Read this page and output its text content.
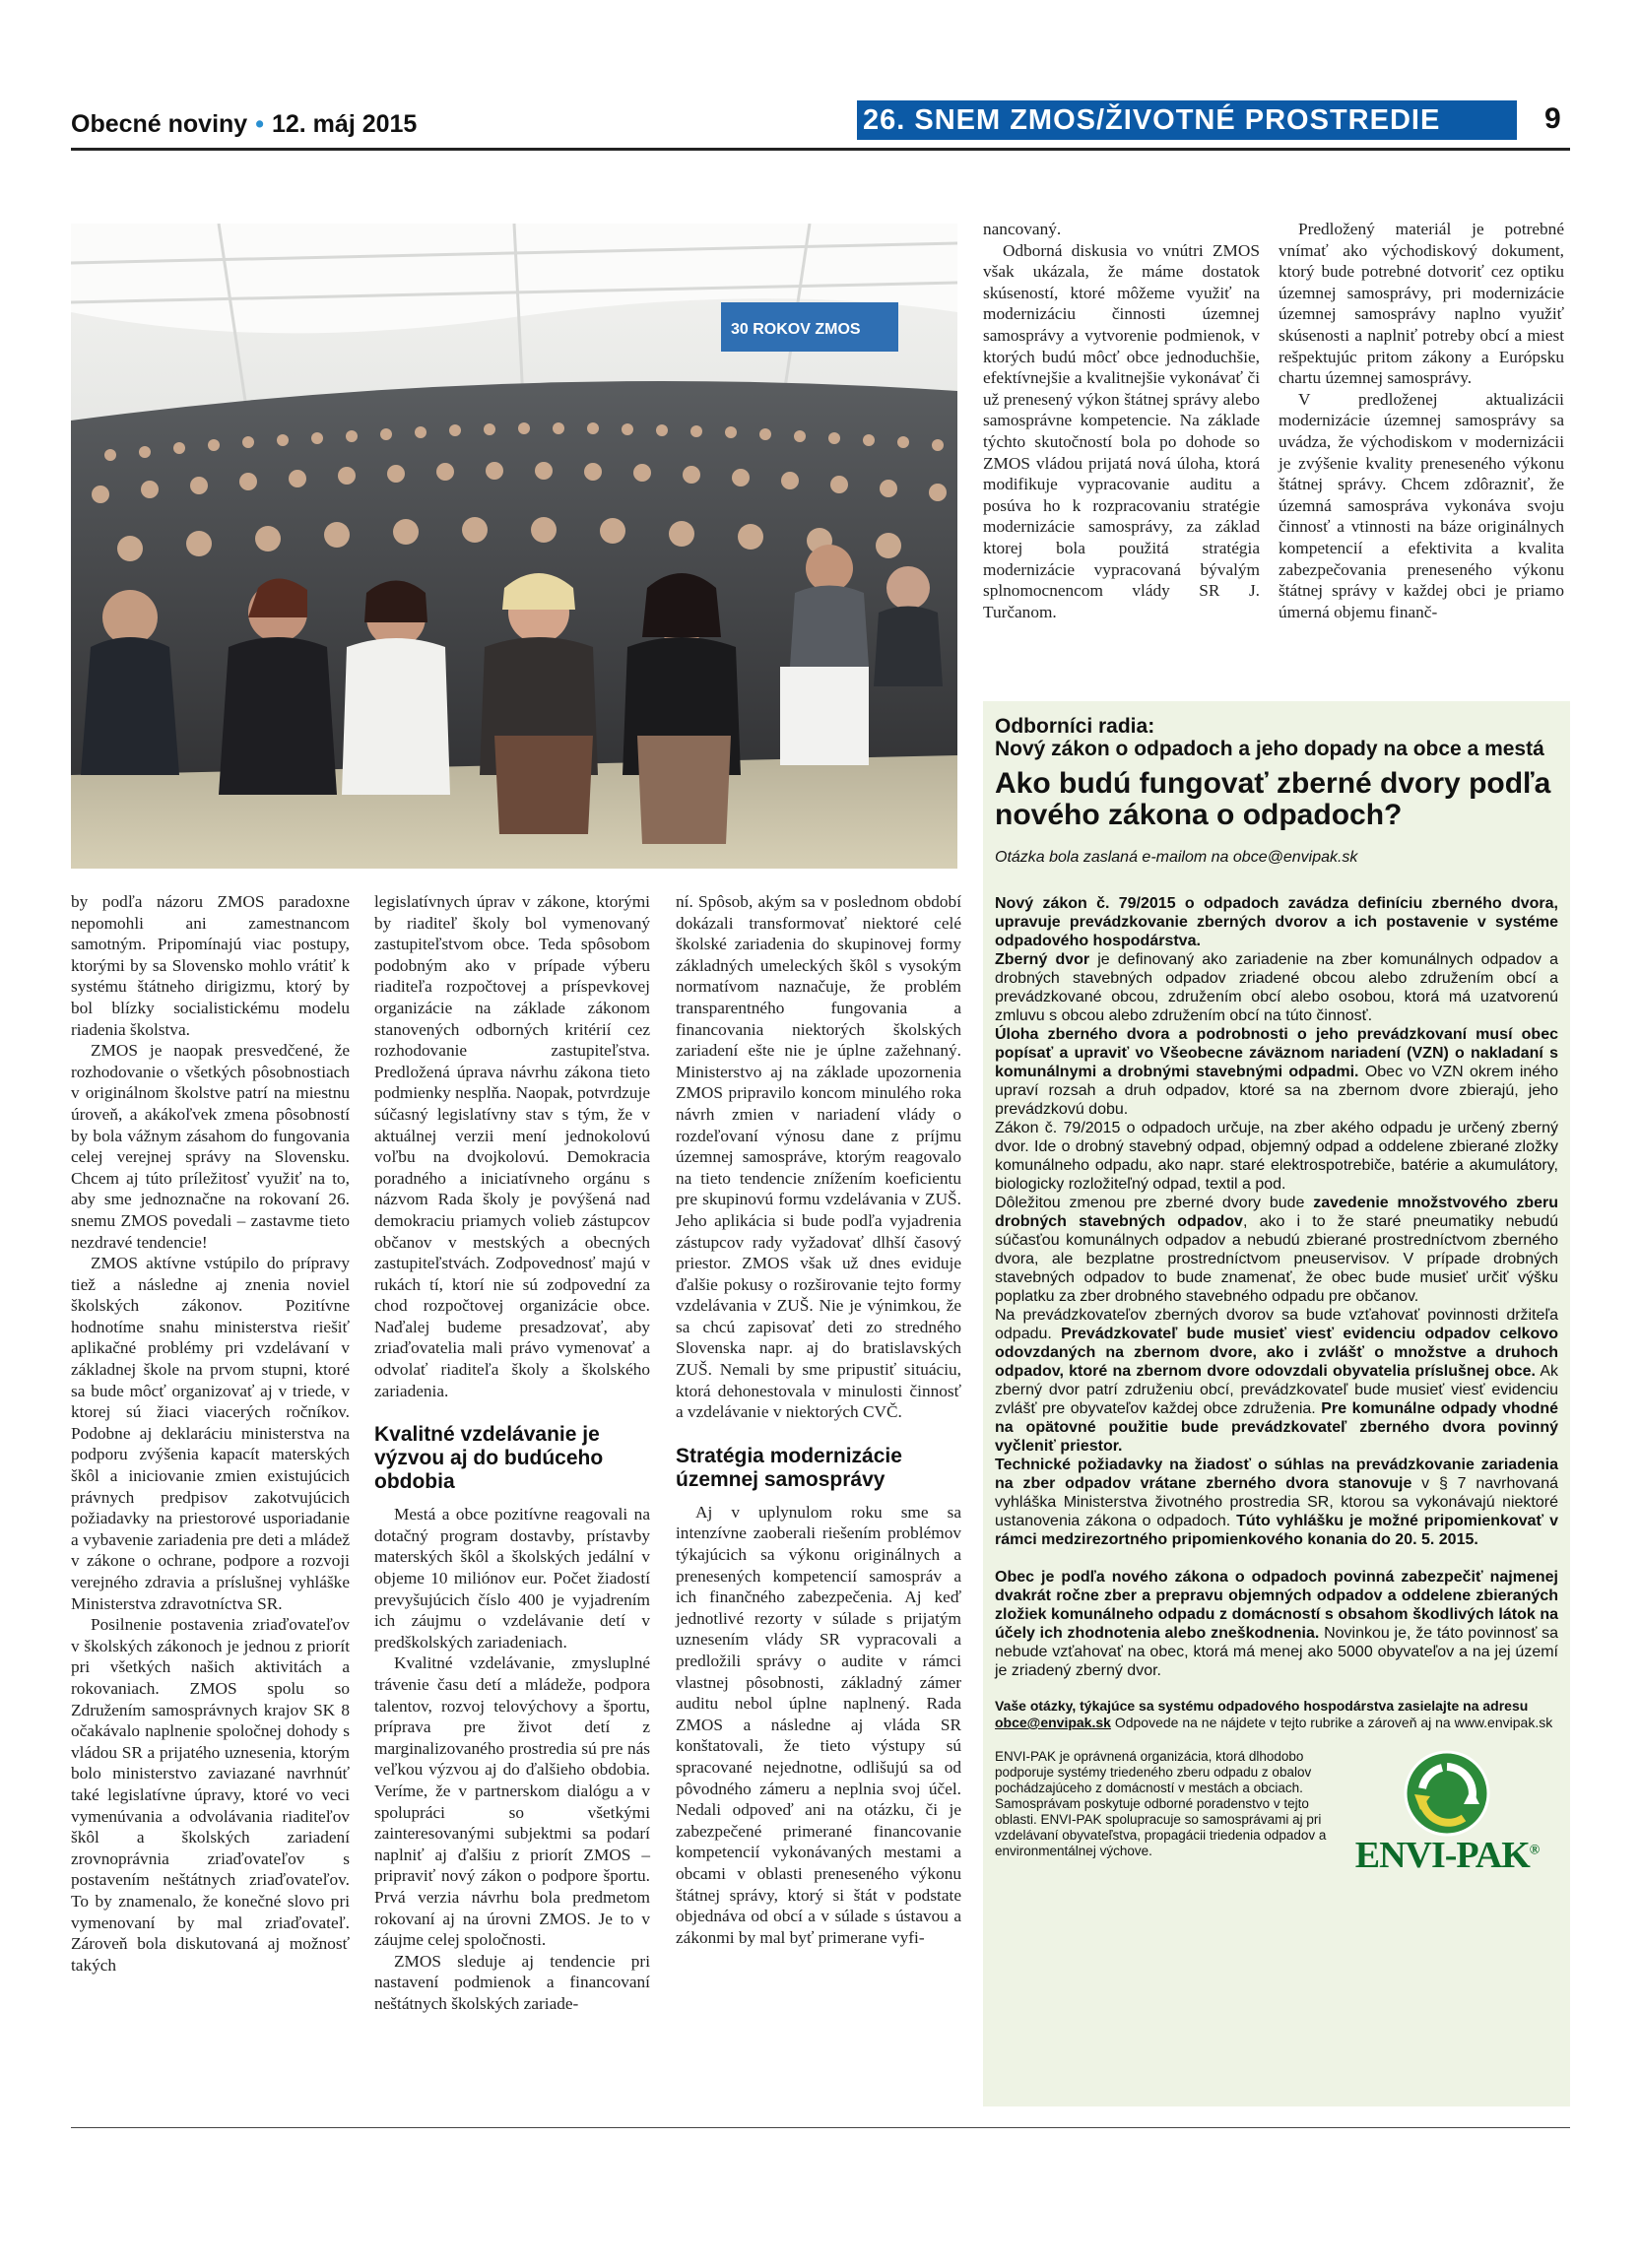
Obecné noviny • 12. máj 2015	26. SNEM ZMOS/ŽIVOTNÉ PROSTREDIE	9
30 ROKOV ZMOS

nancovaný.

Odborná diskusia vo vnútri ZMOS však ukázala, že máme dostatok skúseností, ktoré môžeme využiť na modernizáciu činnosti územnej samosprávy a vytvorenie podmienok, v ktorých budú môcť obce jednoduchšie, efektívnejšie a kvalitnejšie vykonávať či už prenesený výkon štátnej správy alebo samosprávne kompetencie. Na základe týchto skutočností bola po dohode so ZMOS vládou prijatá nová úloha, ktorá modifikuje vypracovanie auditu a posúva ho k rozpracovaniu stratégie modernizácie samosprávy, za základ ktorej bola použitá stratégia modernizácie vypracovaná bývalým splnomocnencom vlády SR J. Turčanom.

Predložený materiál je potrebné vnímať ako východiskový dokument, ktorý bude potrebné dotvoriť cez optiku územnej samosprávy, pri modernizácie územnej samosprávy naplno využiť skúsenosti a naplniť potreby obcí a miest rešpektujúc pritom zákony a Európsku chartu územnej samosprávy.

V predloženej aktualizácii modernizácie územnej samosprávy sa uvádza, že východiskom v modernizácii je zvýšenie kvality preneseného výkonu štátnej správy. Chcem zdôrazniť, že územná samospráva vykonáva svoju činnosť a vtinnosti na báze originálnych kompetencií a efektivita a kvalita zabezpečovania preneseného výkonu štátnej správy v každej obci je priamo úmerná objemu finanč-

by podľa názoru ZMOS paradoxne nepomohli ani zamestnancom samotným. Pripomínajú viac postupy, ktorými by sa Slovensko mohlo vrátiť k systému štátneho dirigizmu, ktorý by bol blízky socialistickému modelu riadenia školstva.

ZMOS je naopak presvedčené, že rozhodovanie o všetkých pôsobnostiach v originálnom školstve patrí na miestnu úroveň, a akákoľvek zmena pôsobností by bola vážnym zásahom do fungovania celej verejnej správy na Slovensku. Chcem aj túto príležitosť využiť na to, aby sme jednoznačne na rokovaní 26. snemu ZMOS povedali – zastavme tieto nezdravé tendencie!

ZMOS aktívne vstúpilo do prípravy tiež a následne aj znenia noviel školských zákonov. Pozitívne hodnotíme snahu ministerstva riešiť aplikačné problémy pri vzdelávaní v základnej škole na prvom stupni, ktoré sa bude môcť organizovať aj v triede, v ktorej sú žiaci viacerých ročníkov. Podobne aj deklaráciu ministerstva na podporu zvýšenia kapacít materských škôl a iniciovanie zmien existujúcich právnych predpisov zakotvujúcich požiadavky na priestorové usporiadanie a vybavenie zariadenia pre deti a mládež v zákone o ochrane, podpore a rozvoji verejného zdravia a príslušnej vyhláške Ministerstva zdravotníctva SR.

Posilnenie postavenia zriaďovateľov v školských zákonoch je jednou z priorít pri všetkých našich aktivitách a rokovaniach. ZMOS spolu so Združením samosprávnych krajov SK 8 očakávalo naplnenie spoločnej dohody s vládou SR a prijatého uznesenia, ktorým bolo ministerstvo zaviazané navrhnúť také legislatívne úpravy, ktoré vo veci vymenúvania a odvolávania riaditeľov škôl a školských zariadení zrovnoprávnia zriaďovateľov s postavením neštátnych zriaďovateľov. To by znamenalo, že konečné slovo pri vymenovaní by mal zriaďovateľ. Zároveň bola diskutovaná aj možnosť takých

legislatívnych úprav v zákone, ktorými by riaditeľ školy bol vymenovaný zastupiteľstvom obce. Teda spôsobom podobným ako v prípade výberu riaditeľa rozpočtovej a príspevkovej organizácie na základe zákonom stanovených odborných kritérií cez rozhodovanie zastupiteľstva. Predložená úprava návrhu zákona tieto podmienky nesplňa. Naopak, potvrdzuje súčasný legislatívny stav s tým, že v aktuálnej verzii mení jednokolovú voľbu na dvojkolovú. Demokracia poradného a iniciatívneho orgánu s názvom Rada školy je povýšená nad demokraciu priamych volieb zástupcov občanov v mestských a obecných zastupiteľstvách. Zodpovednosť majú v rukách tí, ktorí nie sú zodpovední za chod rozpočtovej organizácie obce. Naďalej budeme presadzovať, aby zriaďovatelia mali právo vymenovať a odvolať riaditeľa školy a školského zariadenia.

Kvalitné vzdelávanie je výzvou aj do budúceho obdobia

Mestá a obce pozitívne reagovali na dotačný program dostavby, prístavby materských škôl a školských jedální v objeme 10 miliónov eur. Počet žiadostí prevyšujúcich číslo 400 je vyjadrením ich záujmu o vzdelávanie detí v predškolských zariadeniach.

Kvalitné vzdelávanie, zmysluplné trávenie času detí a mládeže, podpora talentov, rozvoj telovýchovy a športu, príprava pre život detí z marginalizovaného prostredia sú pre nás veľkou výzvou aj do ďalšieho obdobia. Veríme, že v partnerskom dialógu a v spolupráci so všetkými zainteresovanými subjektmi sa podarí naplniť aj ďalšiu z priorít ZMOS – pripraviť nový zákon o podpore športu. Prvá verzia návrhu bola predmetom rokovaní aj na úrovni ZMOS. Je to v záujme celej spoločnosti.

ZMOS sleduje aj tendencie pri nastavení podmienok a financovaní neštátnych školských zariade-

ní. Spôsob, akým sa v poslednom období dokázali transformovať niektoré celé školské zariadenia do skupinovej formy základných umeleckých škôl s vysokým normatívom naznačuje, že problém transparentného fungovania a financovania niektorých školských zariadení ešte nie je úplne zažehnaný. Ministerstvo aj na základe upozornenia ZMOS pripravilo koncom minulého roka návrh zmien v nariadení vlády o rozdeľovaní výnosu dane z príjmu územnej samospráve, ktorým reagovalo na tieto tendencie znížením koeficientu pre skupinovú formu vzdelávania v ZUŠ. Jeho aplikácia si bude podľa vyjadrenia zástupcov rady vyžadovať dlhší časový priestor. ZMOS však už dnes eviduje ďalšie pokusy o rozširovanie tejto formy vzdelávania v ZUŠ. Nie je výnimkou, že sa chcú zapisovať deti zo stredného Slovenska napr. aj do bratislavských ZUŠ. Nemali by sme pripustiť situáciu, ktorá dehonestovala v minulosti činnosť a vzdelávanie v niektorých CVČ.

Stratégia modernizácie územnej samosprávy

Aj v uplynulom roku sme sa intenzívne zaoberali riešením problémov týkajúcich sa výkonu originálnych a prenesených kompetencií samospráv a ich finančného zabezpečenia. Aj keď jednotlivé rezorty v súlade s prijatým uznesením vlády SR vypracovali a predložili správy o audite v rámci vlastnej pôsobnosti, základný zámer auditu nebol úplne naplnený. Rada ZMOS a následne aj vláda SR konštatovali, že tieto výstupy sú spracované nejednotne, odlišujú sa od pôvodného zámeru a neplnia svoj účel. Nedali odpoveď ani na otázku, či je zabezpečené primerané financovanie kompetencií vykonávaných mestami a obcami v oblasti preneseného výkonu štátnej správy, ktorý si štát v podstate objednáva od obcí a v súlade s ústavou a zákonmi by mal byť primerane vyfi-

Odborníci radia:
Nový zákon o odpadoch a jeho dopady na obce a mestá
Ako budú fungovať zberné dvory podľa nového zákona o odpadoch?
Otázka bola zaslaná e-mailom na obce@envipak.sk

Nový zákon č. 79/2015 o odpadoch zavádza definíciu zberného dvora, upravuje prevádzkovanie zberných dvorov a ich postavenie v systéme odpadového hospodárstva.

Zberný dvor je definovaný ako zariadenie na zber komunálnych odpadov a drobných stavebných odpadov zriadené obcou alebo združením obcí a prevádzkované obcou, združením obcí alebo osobou, ktorá má uzatvorenú zmluvu s obcou alebo združením obcí na túto činnosť.

Úloha zberného dvora a podrobnosti o jeho prevádzkovaní musí obec popísať a upraviť vo Všeobecne záväznom nariadení (VZN) o nakladaní s komunálnymi a drobnými stavebnými odpadmi. Obec vo VZN okrem iného upraví rozsah a druh odpadov, ktoré sa na zbernom dvore zbierajú, jeho prevádzkovú dobu.

Zákon č. 79/2015 o odpadoch určuje, na zber akého odpadu je určený zberný dvor. Ide o drobný stavebný odpad, objemný odpad a oddelene zbierané zložky komunálneho odpadu, ako napr. staré elektrospotrebiče, batérie a akumulátory, biologicky rozložiteľný odpad, textil a pod.

Dôležitou zmenou pre zberné dvory bude zavedenie množstvového zberu drobných stavebných odpadov, ako i to že staré pneumatiky nebudú súčasťou komunálnych odpadov a nebudú zbierané prostredníctvom zberného dvora, ale bezplatne prostredníctvom pneuservisov. V prípade drobných stavebných odpadov to bude znamenať, že obec bude musieť určiť výšku poplatku za zber drobného stavebného odpadu pre občanov.

Na prevádzkovateľov zberných dvorov sa bude vzťahovať povinnosti držiteľa odpadu. Prevádzkovateľ bude musieť viesť evidenciu odpadov celkovo odovzdaných na zbernom dvore, ako i zvlášť o množstve a druhoch odpadov, ktoré na zbernom dvore odovzdali obyvatelia príslušnej obce. Ak zberný dvor patrí združeniu obcí, prevádzkovateľ bude musieť viesť evidenciu zvlášť pre obyvateľov každej obce združenia. Pre komunálne odpady vhodné na opätovné použitie bude prevádzkovateľ zberného dvora povinný vyčleniť priestor.

Technické požiadavky na žiadosť o súhlas na prevádzkovanie zariadenia na zber odpadov vrátane zberného dvora stanovuje v § 7 navrhovaná vyhláška Ministerstva životného prostredia SR, ktorou sa vykonávajú niektoré ustanovenia zákona o odpadoch. Túto vyhlášku je možné pripomienkovať v rámci medzirezortného pripomienkového konania do 20. 5. 2015.

Obec je podľa nového zákona o odpadoch povinná zabezpečiť najmenej dvakrát ročne zber a prepravu objemných odpadov a oddelene zbieraných zložiek komunálneho odpadu z domácností s obsahom škodlivých látok na účely ich zhodnotenia alebo zneškodnenia. Novinkou je, že táto povinnosť sa nebude vzťahovať na obec, ktorá má menej ako 5000 obyvateľov a na jej území je zriadený zberný dvor.

Vaše otázky, týkajúce sa systému odpadového hospodárstva zasielajte na adresu obce@envipak.sk Odpovede na ne nájdete v tejto rubrike a zároveň aj na www.envipak.sk
ENVI-PAK je oprávnená organizácia, ktorá dlhodobo podporuje systémy triedeného zberu odpadu z obalov pochádzajúceho z domácností v mestách a obciach. Samosprávam poskytuje odborné poradenstvo v tejto oblasti. ENVI-PAK spolupracuje so samosprávami aj pri vzdelávaní obyvateľstva, propagácii triedenia odpadov a environmentálnej výchove.	ENVI-PAK®
